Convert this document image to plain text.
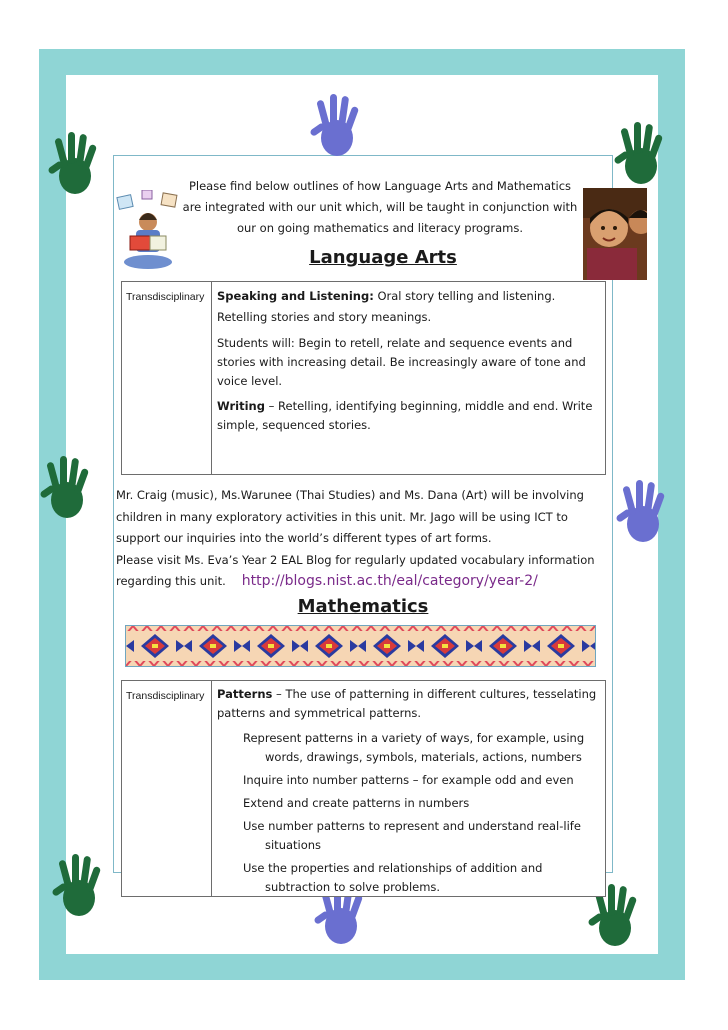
Please find below outlines of how Language Arts and Mathematics
are integrated with our unit which, will be taught in conjunction with
our on going mathematics and literacy programs.
Language Arts
Transdisciplinary	Speaking and Listening: Oral story telling and listening. Retelling stories and story meanings.

Students will: Begin to retell, relate and sequence events and stories with increasing detail. Be increasingly aware of tone and voice level.

Writing – Retelling, identifying beginning, middle and end. Write simple, sequenced stories.

Mr. Craig (music), Ms.Warunee (Thai Studies) and Ms. Dana (Art) will be involving children in many exploratory activities in this unit. Mr. Jago will be using ICT to support our inquiries into the world’s different types of art forms.
Please visit Ms. Eva’s Year 2 EAL Blog for regularly updated vocabulary information regarding this unit. http://blogs.nist.ac.th/eal/category/year-2/
Mathematics
Transdisciplinary	Patterns – The use of patterning in different cultures, tesselating patterns and symmetrical patterns.

Represent patterns in a variety of ways, for example, using words, drawings, symbols, materials, actions, numbers

Inquire into number patterns – for example odd and even

Extend and create patterns in numbers

Use number patterns to represent and understand real-life situations

Use the properties and relationships of addition and subtraction to solve problems.
